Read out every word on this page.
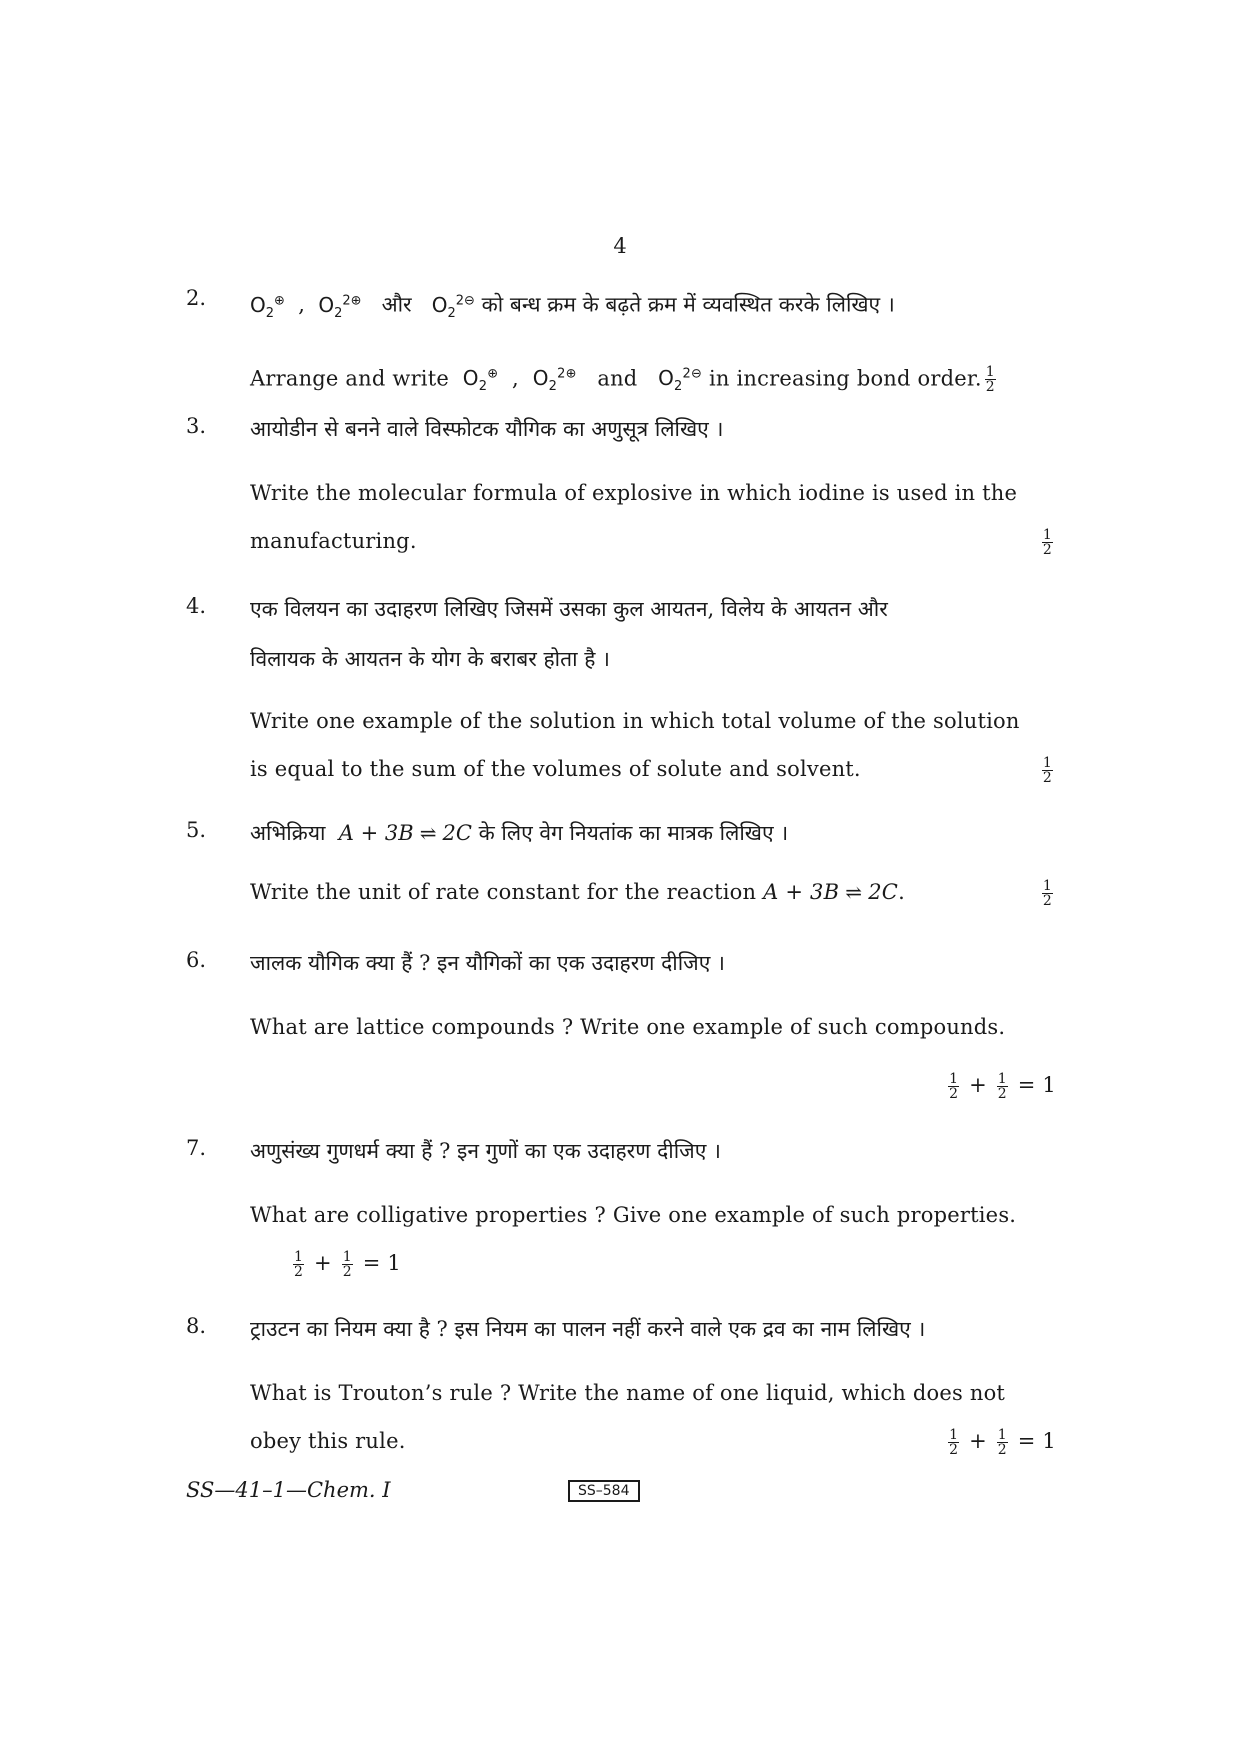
4
2. $O_2^\oplus$  ,  $O_2^{2\oplus}$ और $O_2^{2⊖}$ को बन्ध क्रम के बढ़ते क्रम में व्यवस्थित करके लिखिए ।
Arrange and write $O_2^\oplus$  ,  $O_2^{2\oplus}$ and $O_2^{2⊖}$ in increasing bond order. $\frac{1}{2}$
3. आयोडीन से बनने वाले विस्फोटक यौगिक का अणुसूत्र लिखिए ।
Write the molecular formula of explosive in which iodine is used in the
manufacturing.	$\frac{1}{2}$
4. एक विलयन का उदाहरण लिखिए जिसमें उसका कुल आयतन, विलेय के आयतन और
विलायक के आयतन के योग के बराबर होता है ।
Write one example of the solution in which total volume of the solution
is equal to the sum of the volumes of solute and solvent.	$\frac{1}{2}$
5. अभिक्रिया A + 3B ⇌ 2C के लिए वेग नियतांक का मात्रक लिखिए ।
Write the unit of rate constant for the reaction A + 3B ⇌ 2C.	$\frac{1}{2}$
6. जालक यौगिक क्या हैं ? इन यौगिकों का एक उदाहरण दीजिए ।
What are lattice compounds ? Write one example of such compounds.
$\frac{1}{2} + \frac{1}{2} = 1$
7. अणुसंख्य गुणधर्म क्या हैं ? इन गुणों का एक उदाहरण दीजिए ।
What are colligative properties ? Give one example of such properties.
$\frac{1}{2} + \frac{1}{2} = 1$
8. ट्राउटन का नियम क्या है ? इस नियम का पालन नहीं करने वाले एक द्रव का नाम लिखिए ।
What is Trouton’s rule ? Write the name of one liquid, which does not
obey this rule.	$\frac{1}{2} + \frac{1}{2} = 1$
SS—41–1—Chem. I	SS–584
